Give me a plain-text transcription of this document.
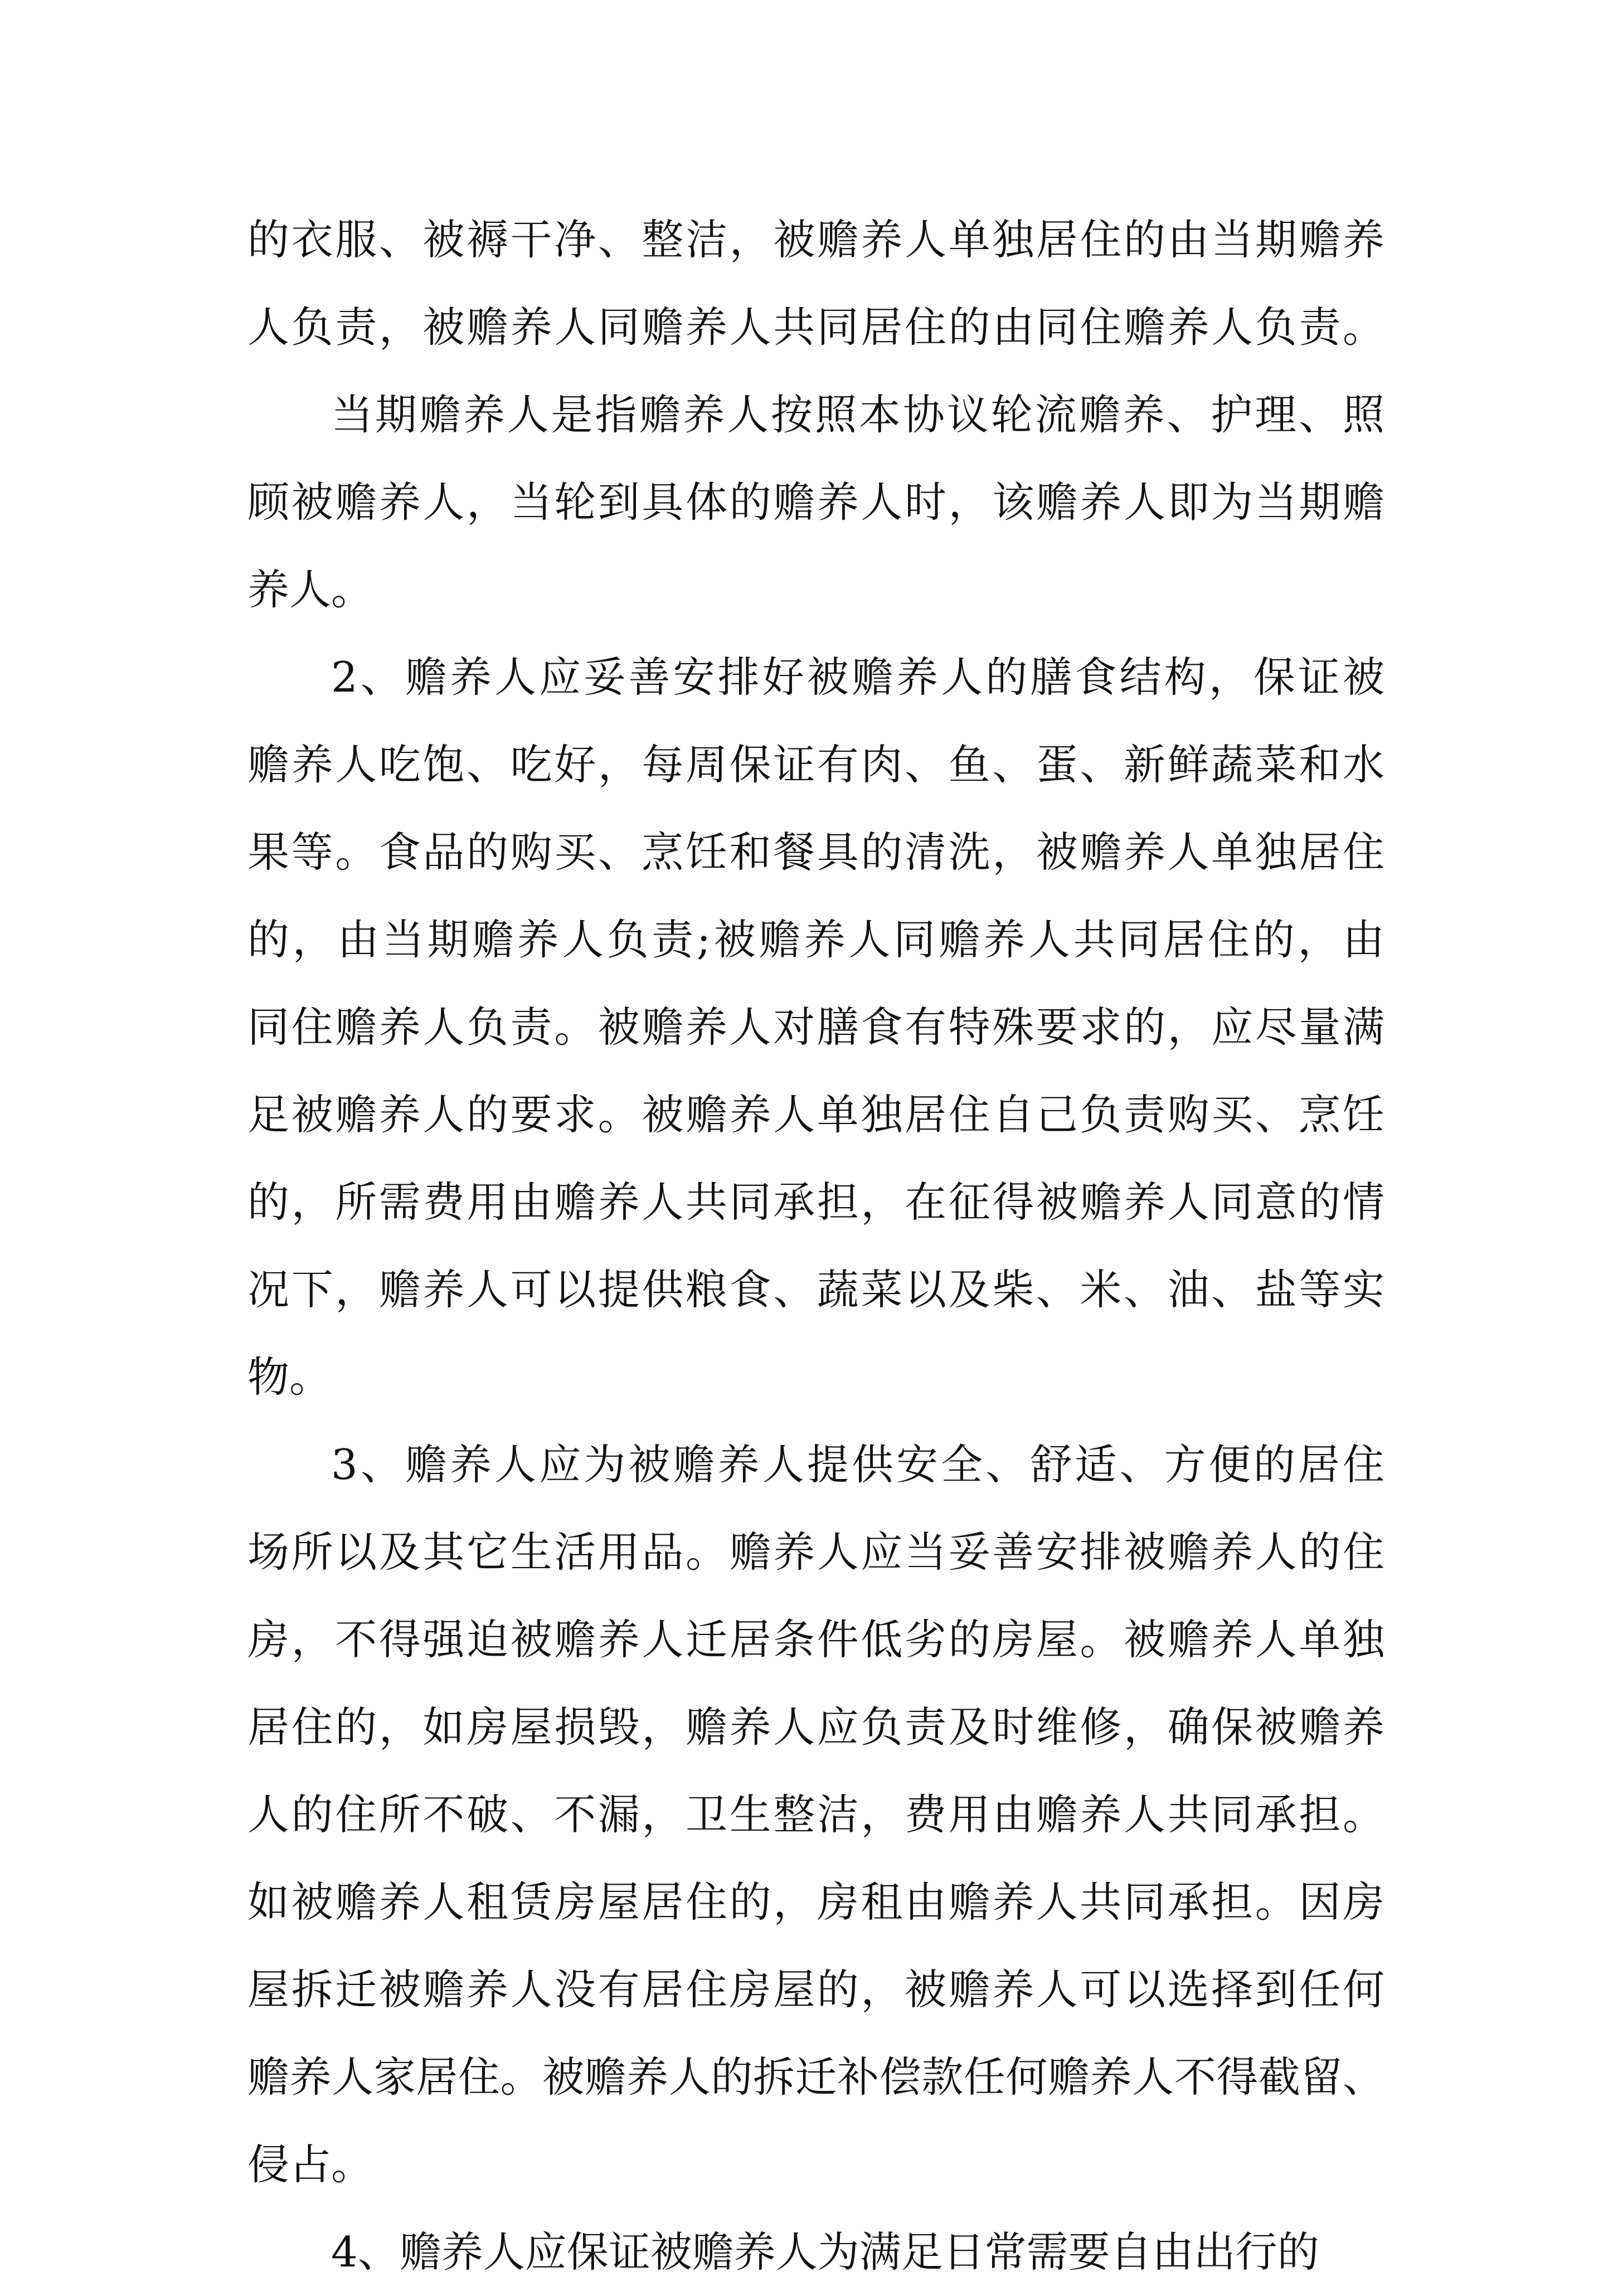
的衣服、被褥干净、整洁，被赡养人单独居住的由当期赡养
人负责，被赡养人同赡养人共同居住的由同住赡养人负责。
当期赡养人是指赡养人按照本协议轮流赡养、护理、照
顾被赡养人，当轮到具体的赡养人时，该赡养人即为当期赡
养人。
2、赡养人应妥善安排好被赡养人的膳食结构，保证被
赡养人吃饱、吃好，每周保证有肉、鱼、蛋、新鲜蔬菜和水
果等。食品的购买、烹饪和餐具的清洗，被赡养人单独居住
的，由当期赡养人负责;被赡养人同赡养人共同居住的，由
同住赡养人负责。被赡养人对膳食有特殊要求的，应尽量满
足被赡养人的要求。被赡养人单独居住自己负责购买、烹饪
的，所需费用由赡养人共同承担，在征得被赡养人同意的情
况下，赡养人可以提供粮食、蔬菜以及柴、米、油、盐等实
物。
3、赡养人应为被赡养人提供安全、舒适、方便的居住
场所以及其它生活用品。赡养人应当妥善安排被赡养人的住
房，不得强迫被赡养人迁居条件低劣的房屋。被赡养人单独
居住的，如房屋损毁，赡养人应负责及时维修，确保被赡养
人的住所不破、不漏，卫生整洁，费用由赡养人共同承担。
如被赡养人租赁房屋居住的，房租由赡养人共同承担。因房
屋拆迁被赡养人没有居住房屋的，被赡养人可以选择到任何
赡养人家居住。被赡养人的拆迁补偿款任何赡养人不得截留、
侵占。
4、赡养人应保证被赡养人为满足日常需要自由出行的
